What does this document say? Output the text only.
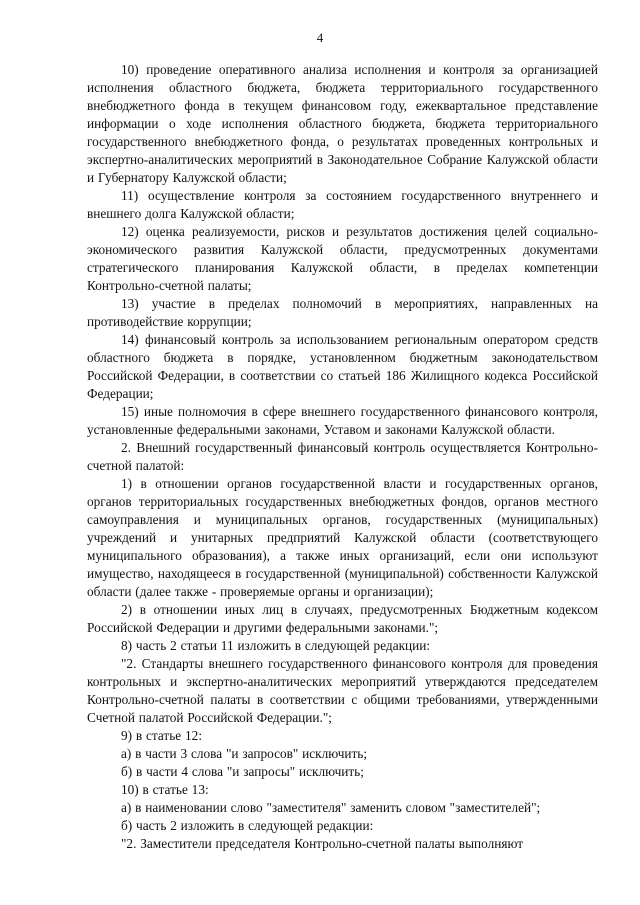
4

10) проведение оперативного анализа исполнения и контроля за организацией исполнения областного бюджета, бюджета территориального государственного внебюджетного фонда в текущем финансовом году, ежеквартальное представление информации о ходе исполнения областного бюджета, бюджета территориального государственного внебюджетного фонда, о результатах проведенных контрольных и экспертно-аналитических мероприятий в Законодательное Собрание Калужской области и Губернатору Калужской области;

11) осуществление контроля за состоянием государственного внутреннего и внешнего долга Калужской области;

12) оценка реализуемости, рисков и результатов достижения целей социально-экономического развития Калужской области, предусмотренных документами стратегического планирования Калужской области, в пределах компетенции Контрольно-счетной палаты;

13) участие в пределах полномочий в мероприятиях, направленных на противодействие коррупции;

14) финансовый контроль за использованием региональным оператором средств областного бюджета в порядке, установленном бюджетным законодательством Российской Федерации, в соответствии со статьей 186 Жилищного кодекса Российской Федерации;

15) иные полномочия в сфере внешнего государственного финансового контроля, установленные федеральными законами, Уставом и законами Калужской области.

2. Внешний государственный финансовый контроль осуществляется Контрольно-счетной палатой:

1) в отношении органов государственной власти и государственных органов, органов территориальных государственных внебюджетных фондов, органов местного самоуправления и муниципальных органов, государственных (муниципальных) учреждений и унитарных предприятий Калужской области (соответствующего муниципального образования), а также иных организаций, если они используют имущество, находящееся в государственной (муниципальной) собственности Калужской области (далее также - проверяемые органы и организации);

2) в отношении иных лиц в случаях, предусмотренных Бюджетным кодексом Российской Федерации и другими федеральными законами.";

8) часть 2 статьи 11 изложить в следующей редакции:

"2. Стандарты внешнего государственного финансового контроля для проведения контрольных и экспертно-аналитических мероприятий утверждаются председателем Контрольно-счетной палаты в соответствии с общими требованиями, утвержденными Счетной палатой Российской Федерации.";

9) в статье 12:

а) в части 3 слова "и запросов" исключить;

б) в части 4 слова "и запросы" исключить;

10) в статье 13:

а) в наименовании слово "заместителя" заменить словом "заместителей";

б) часть 2 изложить в следующей редакции:

"2. Заместители председателя Контрольно-счетной палаты выполняют
